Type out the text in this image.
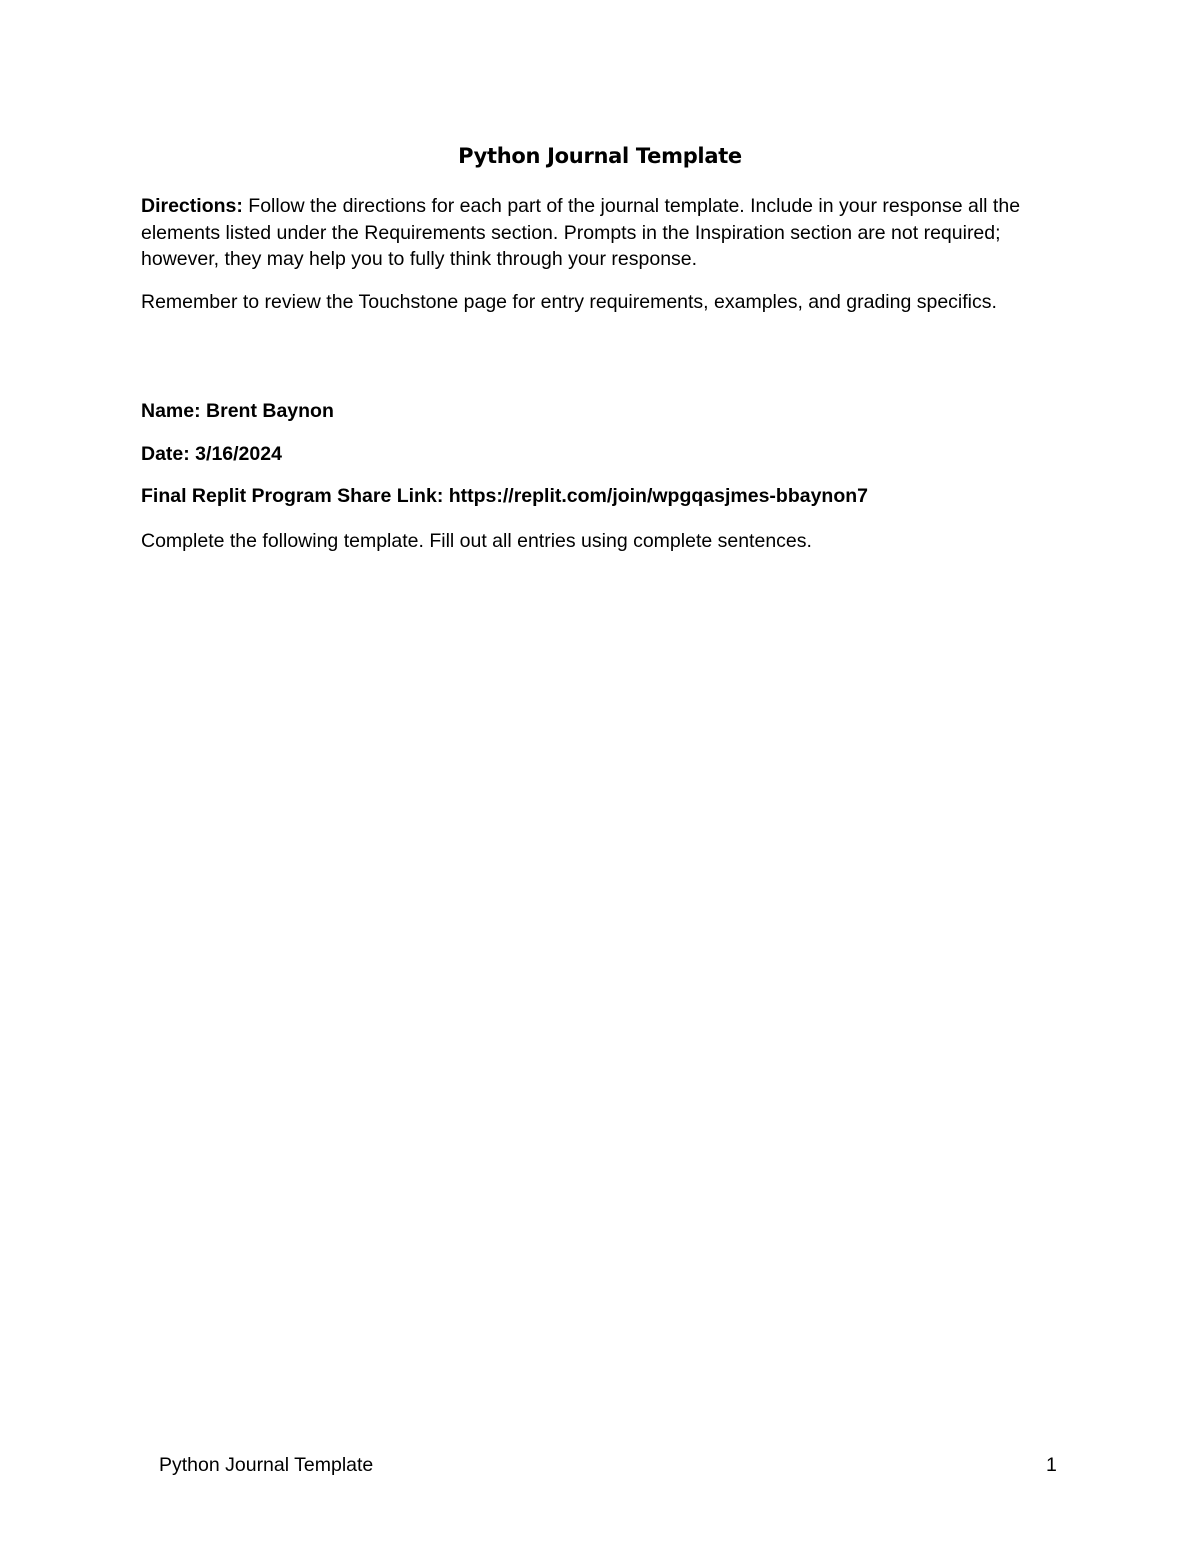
Python Journal Template

Directions: Follow the directions for each part of the journal template. Include in your response all the elements listed under the Requirements section. Prompts in the Inspiration section are not required; however, they may help you to fully think through your response.

Remember to review the Touchstone page for entry requirements, examples, and grading specifics.

Name: Brent Baynon

Date: 3/16/2024

Final Replit Program Share Link: https://replit.com/join/wpgqasjmes-bbaynon7

Complete the following template. Fill out all entries using complete sentences.

Python Journal Template	1
